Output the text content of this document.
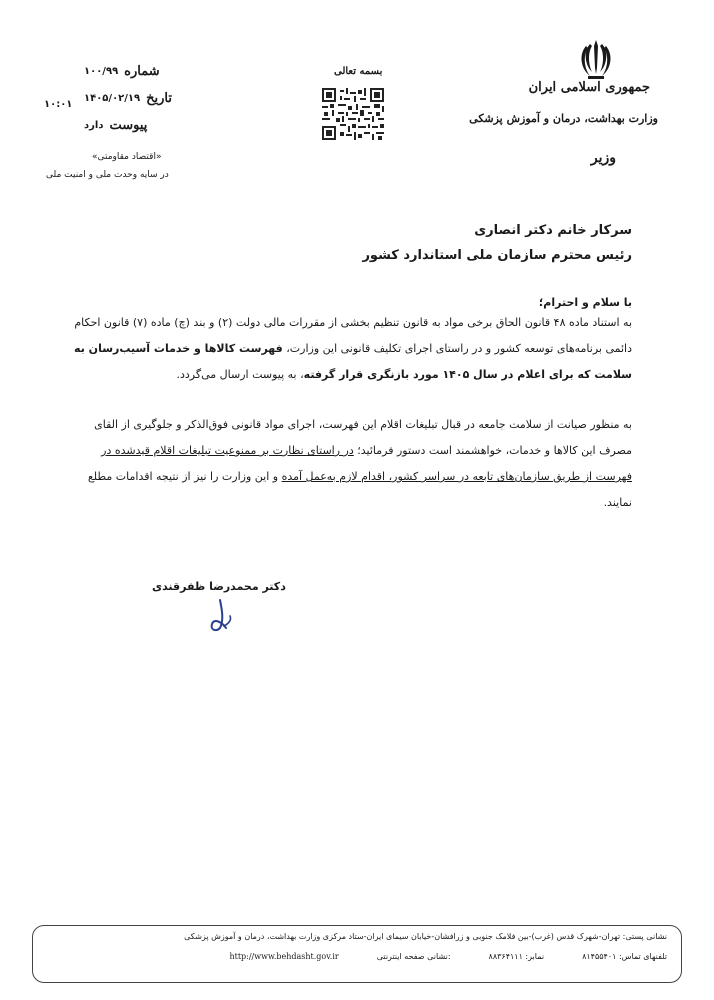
جمهوری اسلامی ایران
وزارت بهداشت، درمان و آموزش پزشکی
وزیر
بسمه تعالی
شماره
۱۰۰/۹۹
تاریخ
۱۴۰۵/۰۲/۱۹
پیوست
دارد
۱۰:۰۱
«اقتصاد مقاومتی»
در سایه وحدت ملی و امنیت ملی
سرکار خانم دکتر انصاری
رئیس محترم سازمان ملی استاندارد کشور
با سلام و احترام؛
به استناد ماده ۴۸ قانون الحاق برخی مواد به قانون تنظیم بخشی از مقررات مالی دولت (۲) و بند (چ) ماده (۷) قانون احکام دائمی برنامه‌های توسعه کشور و در راستای اجرای تکلیف قانونی این وزارت، فهرست کالاها و خدمات آسیب‌رسان به سلامت که برای اعلام در سال ۱۴۰۵ مورد بازنگری قرار گرفته، به پیوست ارسال می‌گردد.
به منظور صیانت از سلامت جامعه در قبال تبلیغات اقلام این فهرست، اجرای مواد قانونی فوق‌الذکر و جلوگیری از القای مصرف این کالاها و خدمات، خواهشمند است دستور فرمائید؛ در راستای نظارت بر ممنوعیت تبلیغات اقلام قیدشده در فهرست از طریق سازمان‌های تابعه در سراسر کشور، اقدام لازم به‌عمل آمده و این وزارت را نیز از نتیجه اقدامات مطلع نمایند.
دکتر محمدرضا ظفرقندی
نشانی پستی: تهران-شهرک قدس (غرب)-بین فلامک جنوبی و زرافشان-خیابان سیمای ایران-ستاد مرکزی وزارت بهداشت، درمان و آموزش پزشکی
تلفنهای تماس: ۸۱۴۵۵۴۰۱
نمابر: ۸۸۳۶۴۱۱۱
نشانی صفحه اینترنتی:
http://www.behdasht.gov.ir
